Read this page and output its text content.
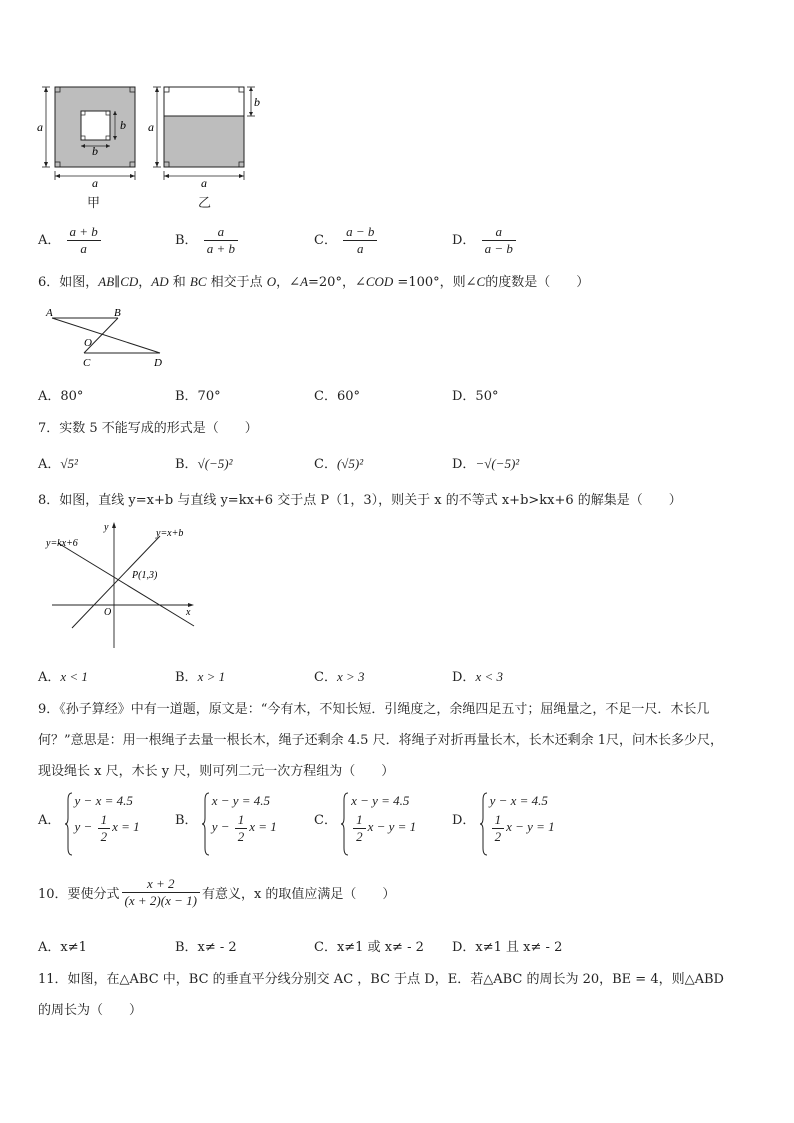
a
a
b
b
甲
a
b
a
乙
A． $\frac{a + b}{a}$	B． $\frac{a}{a + b}$	C． $\frac{a - b}{a}$	D． $\frac{a}{a - b}$
6．如图，AB∥CD，AD 和 BC 相交于点 O，∠A=20°，∠COD =100°，则∠C的度数是（　　）
A	B
O
C	D
A．80°	B．70°	C．60°	D．50°
7．实数 5 不能写成的形式是（　　）
A．√5²	B．√(−5)²	C．(√5)²	D．−√(−5)²
8．如图，直线 y=x+b 与直线 y=kx+6 交于点 P（1，3），则关于 x 的不等式 x+b>kx+6 的解集是（　　）
y=kx+6
y=x+b
P(1,3)
O	x
y
A．x < 1	B．x > 1	C．x > 3	D．x < 3
9．《孙子算经》中有一道题，原文是：“今有木，不知长短．引绳度之，余绳四足五寸；屈绳量之，不足一尺．木长几
何？”意思是：用一根绳子去量一根长木，绳子还剩余 4.5 尺．将绳子对折再量长木，长木还剩余 1尺，问木长多少尺，
现设绳长 x 尺，木长 y 尺，则可列二元一次方程组为（　　）
A．
y − x = 4.5
$y - \frac{1}{2}$ x = 1	B．
x − y = 4.5
$y - \frac{1}{2}$ x = 1	C．
x − y = 4.5
$\frac{1}{2}$ x − y = 1	D．
y − x = 4.5
$\frac{1}{2}$ x − y = 1
10．要使分式 $\frac{x + 2}{(x + 2)(x - 1)}$ 有意义，x 的取值应满足（　　）
A．x≠1	B．x≠ - 2	C．x≠1 或 x≠ - 2 D．x≠1 且 x≠ - 2
11．如图，在△ABC 中，BC 的垂直平分线分别交 AC ，BC 于点 D，E．若△ABC 的周长为 20，BE = 4，则△ABD
的周长为（　　）
